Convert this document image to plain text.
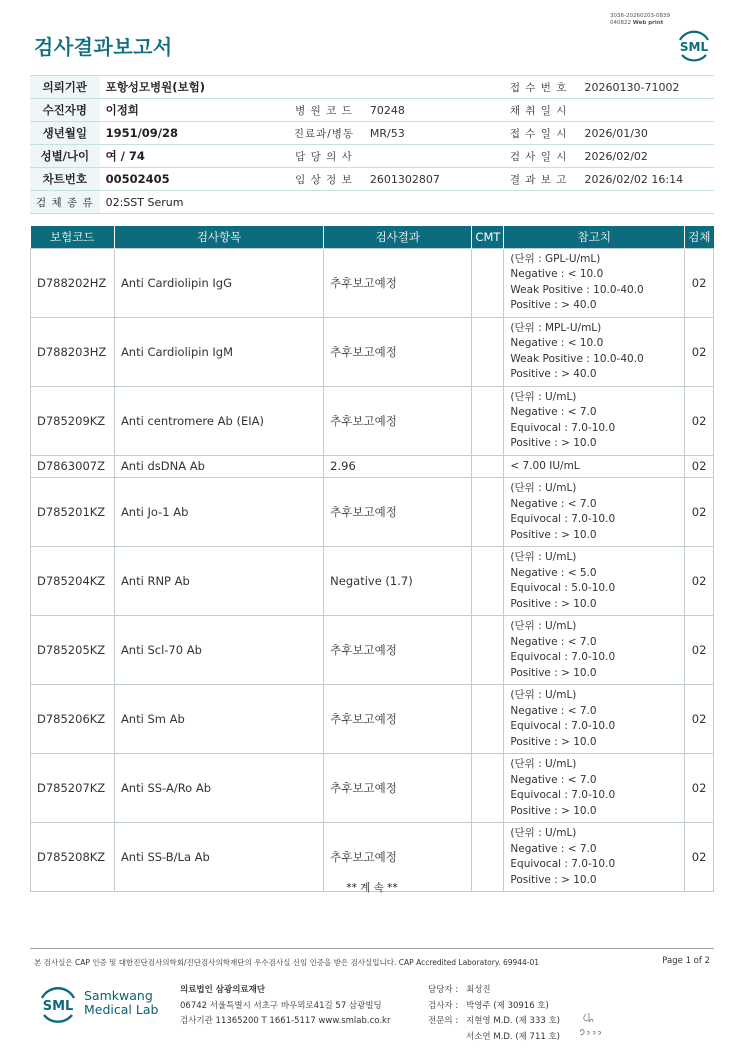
3036-20260203-0839
040822 Web print
검사결과보고서	SML
의뢰기관	포항성모병원(보험)			접 수 번 호	20260130-71002
수진자명	이정희	병 원 코 드	70248	채 취 일 시	
생년월일	1951/09/28	진료과/병동	MR/53	접 수 일 시	2026/01/30
성별/나이	여 / 74	담 당 의 사		검 사 일 시	2026/02/02
차트번호	00502405	임 상 정 보	2601302807	결 과 보 고	2026/02/02 16:14
검 체 종 류	02:SST Serum				
보험코드	검사항목	검사결과	CMT	참고치	검체
D788202HZ	Anti Cardiolipin IgG	추후보고예정		(단위 : GPL-U/mL)
Negative : < 10.0
Weak Positive : 10.0-40.0
Positive : > 40.0	02
D788203HZ	Anti Cardiolipin IgM	추후보고예정		(단위 : MPL-U/mL)
Negative : < 10.0
Weak Positive : 10.0-40.0
Positive : > 40.0	02
D785209KZ	Anti centromere Ab (EIA)	추후보고예정		(단위 : U/mL)
Negative : < 7.0
Equivocal : 7.0-10.0
Positive : > 10.0	02
D7863007Z	Anti dsDNA Ab	2.96		< 7.00 IU/mL	02
D785201KZ	Anti Jo-1 Ab	추후보고예정		(단위 : U/mL)
Negative : < 7.0
Equivocal : 7.0-10.0
Positive : > 10.0	02
D785204KZ	Anti RNP Ab	Negative (1.7)		(단위 : U/mL)
Negative : < 5.0
Equivocal : 5.0-10.0
Positive : > 10.0	02
D785205KZ	Anti Scl-70 Ab	추후보고예정		(단위 : U/mL)
Negative : < 7.0
Equivocal : 7.0-10.0
Positive : > 10.0	02
D785206KZ	Anti Sm Ab	추후보고예정		(단위 : U/mL)
Negative : < 7.0
Equivocal : 7.0-10.0
Positive : > 10.0	02
D785207KZ	Anti SS-A/Ro Ab	추후보고예정		(단위 : U/mL)
Negative : < 7.0
Equivocal : 7.0-10.0
Positive : > 10.0	02
D785208KZ	Anti SS-B/La Ab	추후보고예정		(단위 : U/mL)
Negative : < 7.0
Equivocal : 7.0-10.0
Positive : > 10.0	02
** 계 속 **
본 검사실은 CAP 인증 및 대한진단검사의학회/진단검사의학재단의 우수검사실 신임 인증을 받은 검사실입니다. CAP Accredited Laboratory. 69944-01	Page 1 of 2
SML
Samkwang
Medical Lab
의료법인 삼광의료재단
06742 서울특별시 서초구 바우뫼로41길 57 삼광빌딩
검사기관 11365200 T 1661-5117 www.smlab.co.kr
담당자 : 최성진
검사자 : 박영주 (제 30916 호)
전문의 : 지현영 M.D. (제 333 호)
서소연 M.D. (제 711 호)
